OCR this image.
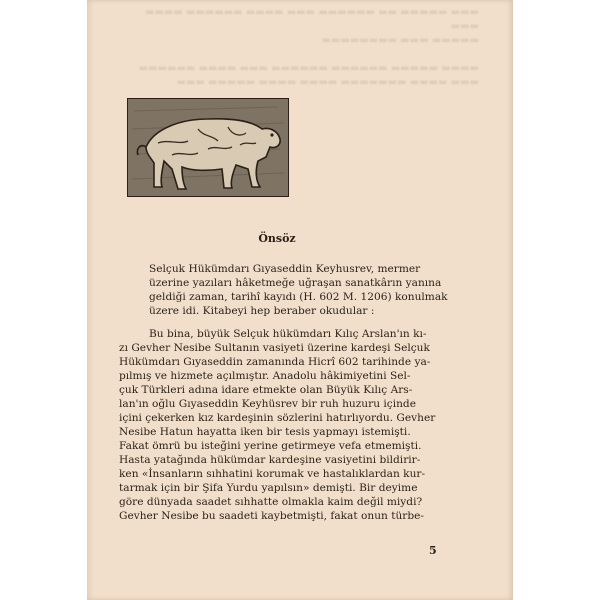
▬▬▬ ▬▬▬▬▬ ▬▬ ▬▬▬▬▬▬ ▬▬▬ ▬▬▬▬ ▬▬▬▬▬▬ ▬▬▬▬ ▬▬▬
▬▬▬▬▬ ▬▬▬ ▬▬▬▬▬▬▬▬

▬▬▬▬ ▬▬▬▬▬ ▬▬▬▬▬▬ ▬▬▬▬▬▬ ▬▬▬ ▬▬▬▬ ▬▬▬▬▬▬
▬▬▬ ▬▬▬▬ ▬▬▬▬▬▬▬ ▬▬▬▬ ▬▬▬▬ ▬▬▬▬▬ ▬▬▬
Önsöz

Selçuk Hükümdarı Gıyaseddin Keyhusrev, mermer
üzerine yazıları hâketmeğe uğraşan sanatkârın yanına
geldiği zaman, tarihî kayıdı (H. 602 M. 1206) konulmak
üzere idi. Kitabeyi hep beraber okudular :

Bu bina, büyük Selçuk hükümdarı Kılıç Arslan'ın kı-
zı Gevher Nesibe Sultanın vasiyeti üzerine kardeşi Selçuk
Hükümdarı Gıyaseddin zamanında Hicrî 602 tarihinde ya-
pılmış ve hizmete açılmıştır. Anadolu hâkimiyetini Sel-
çuk Türkleri adına idare etmekte olan Büyük Kılıç Ars-
lan'ın oğlu Gıyaseddin Keyhüsrev bir ruh huzuru içinde
içini çekerken kız kardeşinin sözlerini hatırlıyordu. Gevher
Nesibe Hatun hayatta iken bir tesis yapmayı istemişti.
Fakat ömrü bu isteğini yerine getirmeye vefa etmemişti.
Hasta yatağında hükümdar kardeşine vasiyetini bildirir-
ken «İnsanların sıhhatini korumak ve hastalıklardan kur-
tarmak için bir Şifa Yurdu yapılsın» demişti. Bir deyime
göre dünyada saadet sıhhatte olmakla kaim değil miydi?
Gevher Nesibe bu saadeti kaybetmişti, fakat onun türbe-

5
